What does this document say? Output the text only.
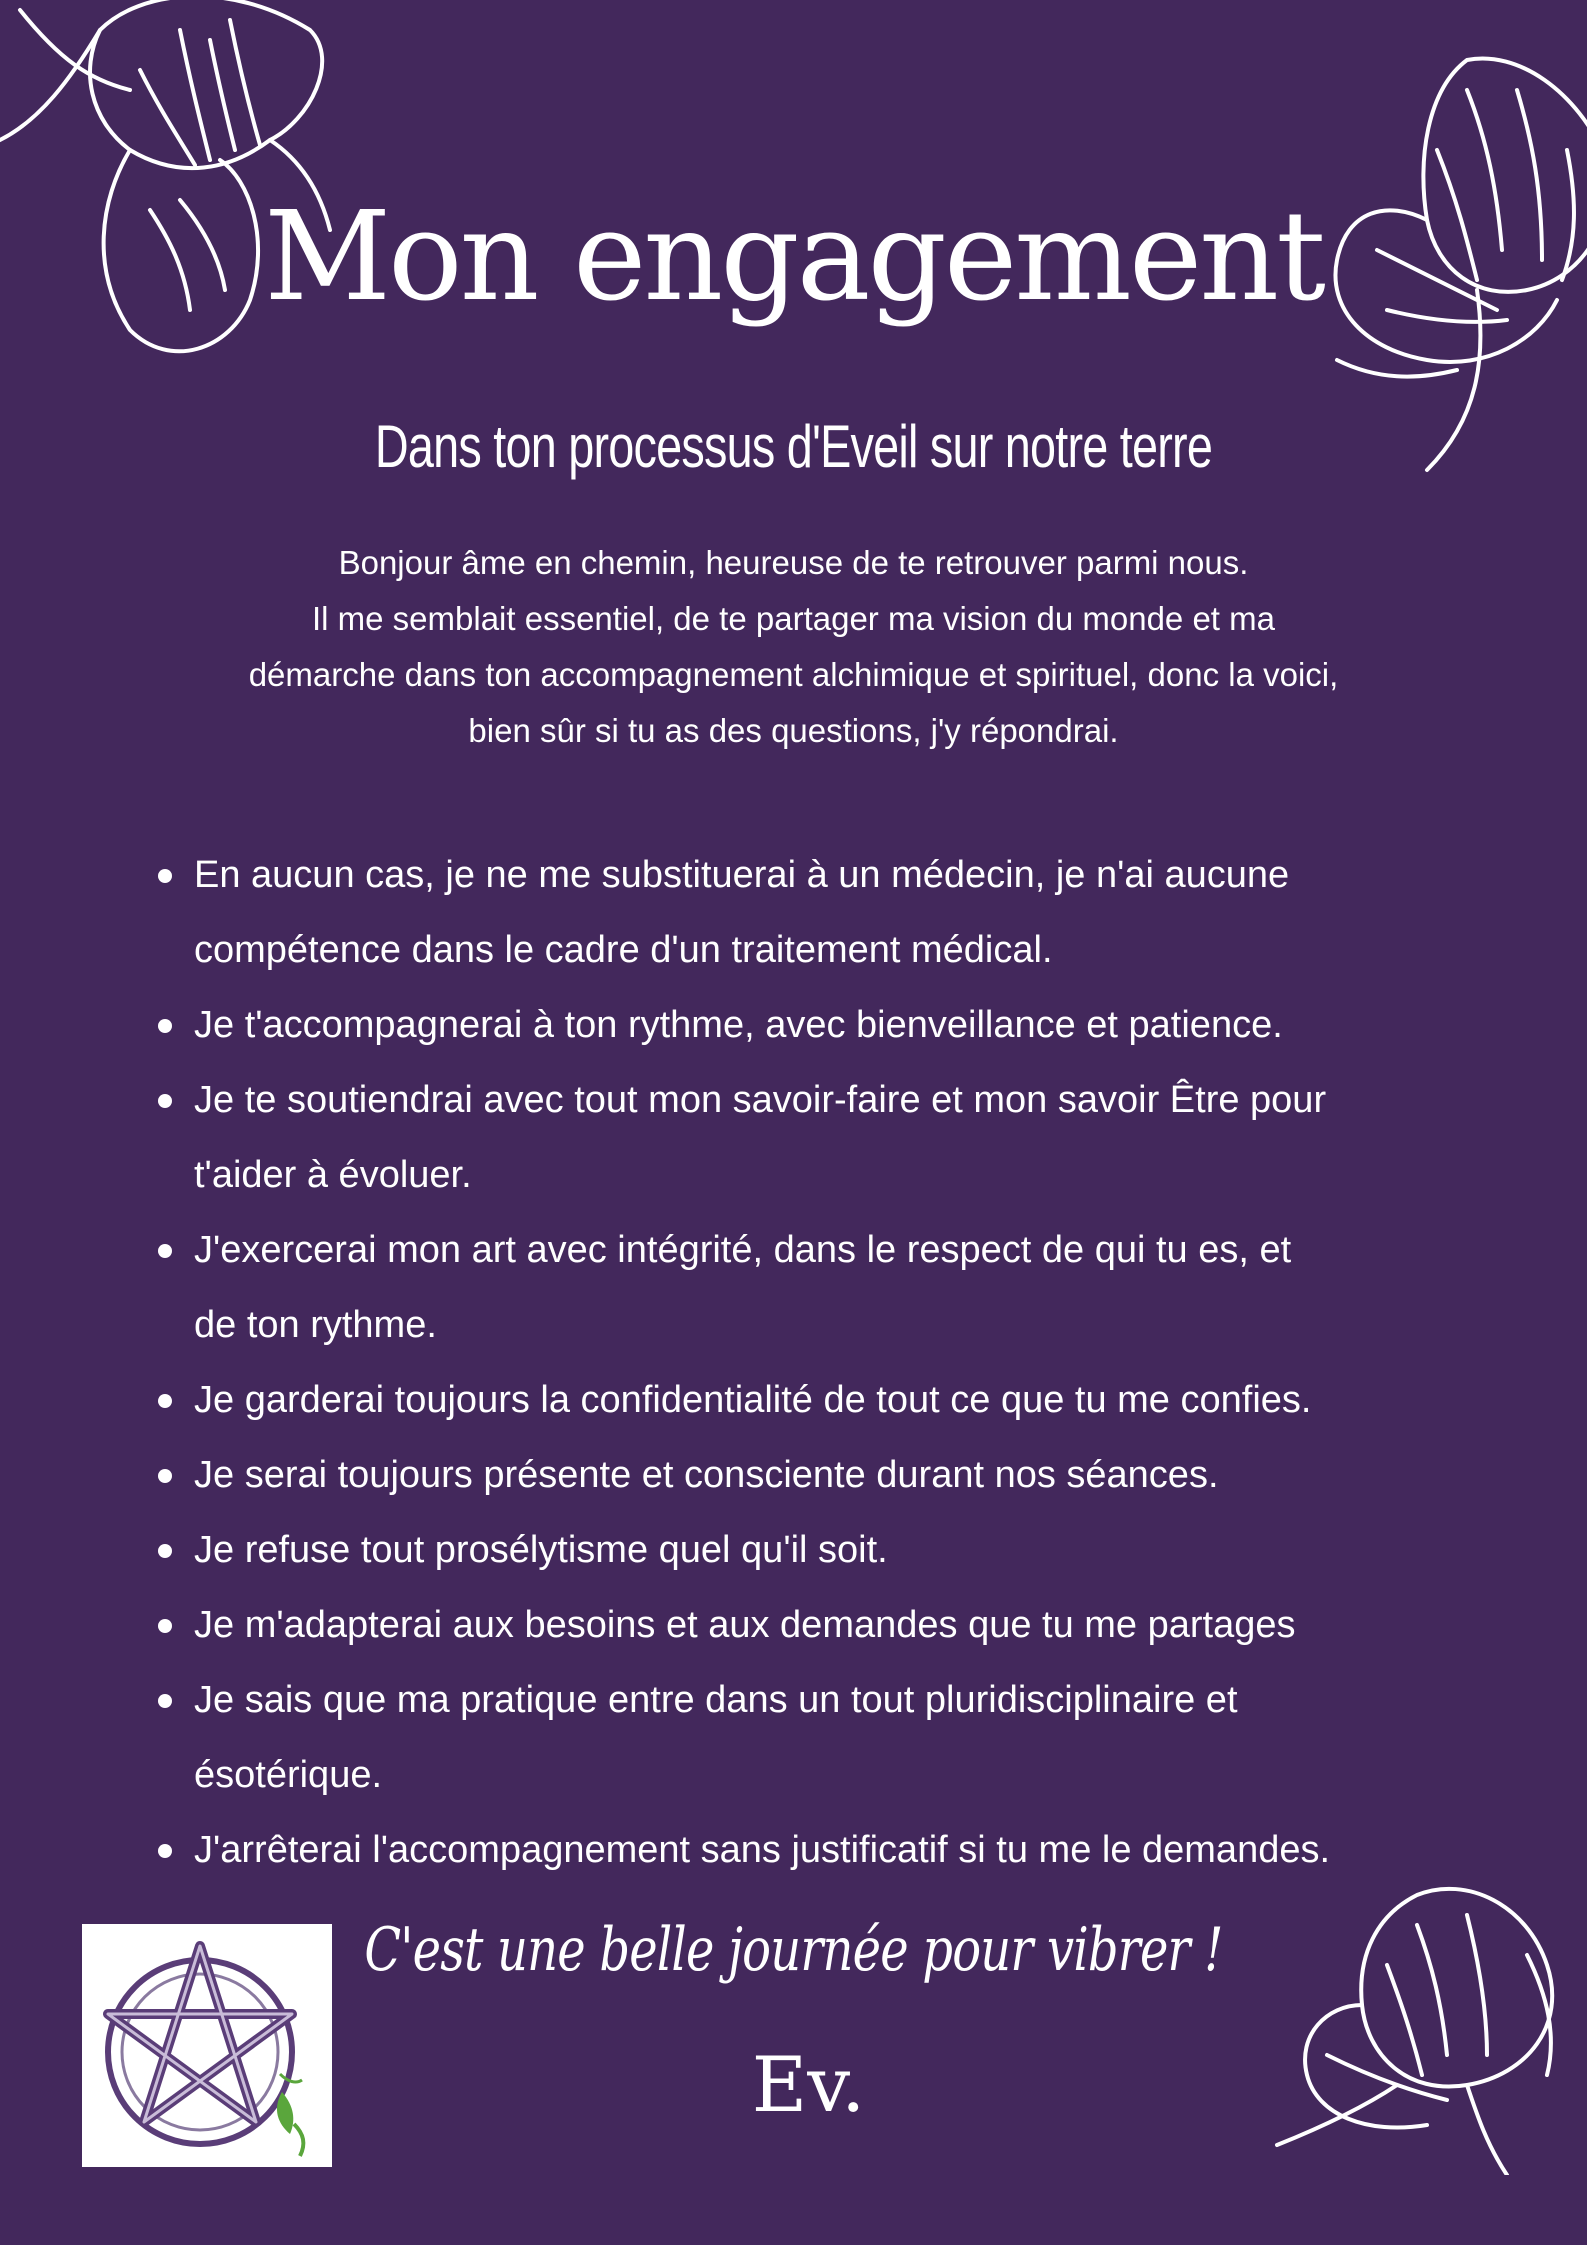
Mon engagement
Dans ton processus d'Eveil sur notre terre

Bonjour âme en chemin, heureuse de te retrouver parmi nous.

Il me semblait essentiel, de te partager ma vision du monde et ma

démarche dans ton accompagnement alchimique et spirituel, donc la voici,

bien sûr si tu as des questions, j'y répondrai.

En aucun cas, je ne me substituerai à un médecin, je n'ai aucune
compétence dans le cadre d'un traitement médical.
Je t'accompagnerai à ton rythme, avec bienveillance et patience.
Je te soutiendrai avec tout mon savoir-faire et mon savoir Être pour
t'aider à évoluer.
J'exercerai mon art avec intégrité, dans le respect de qui tu es, et
de ton rythme.
Je garderai toujours la confidentialité de tout ce que tu me confies.
Je serai toujours présente et consciente durant nos séances.
Je refuse tout prosélytisme quel qu'il soit.
Je m'adapterai aux besoins et aux demandes que tu me partages
Je sais que ma pratique entre dans un tout pluridisciplinaire et
ésotérique.
J'arrêterai l'accompagnement sans justificatif si tu me le demandes.
C'est une belle journée pour vibrer !
Ev.
